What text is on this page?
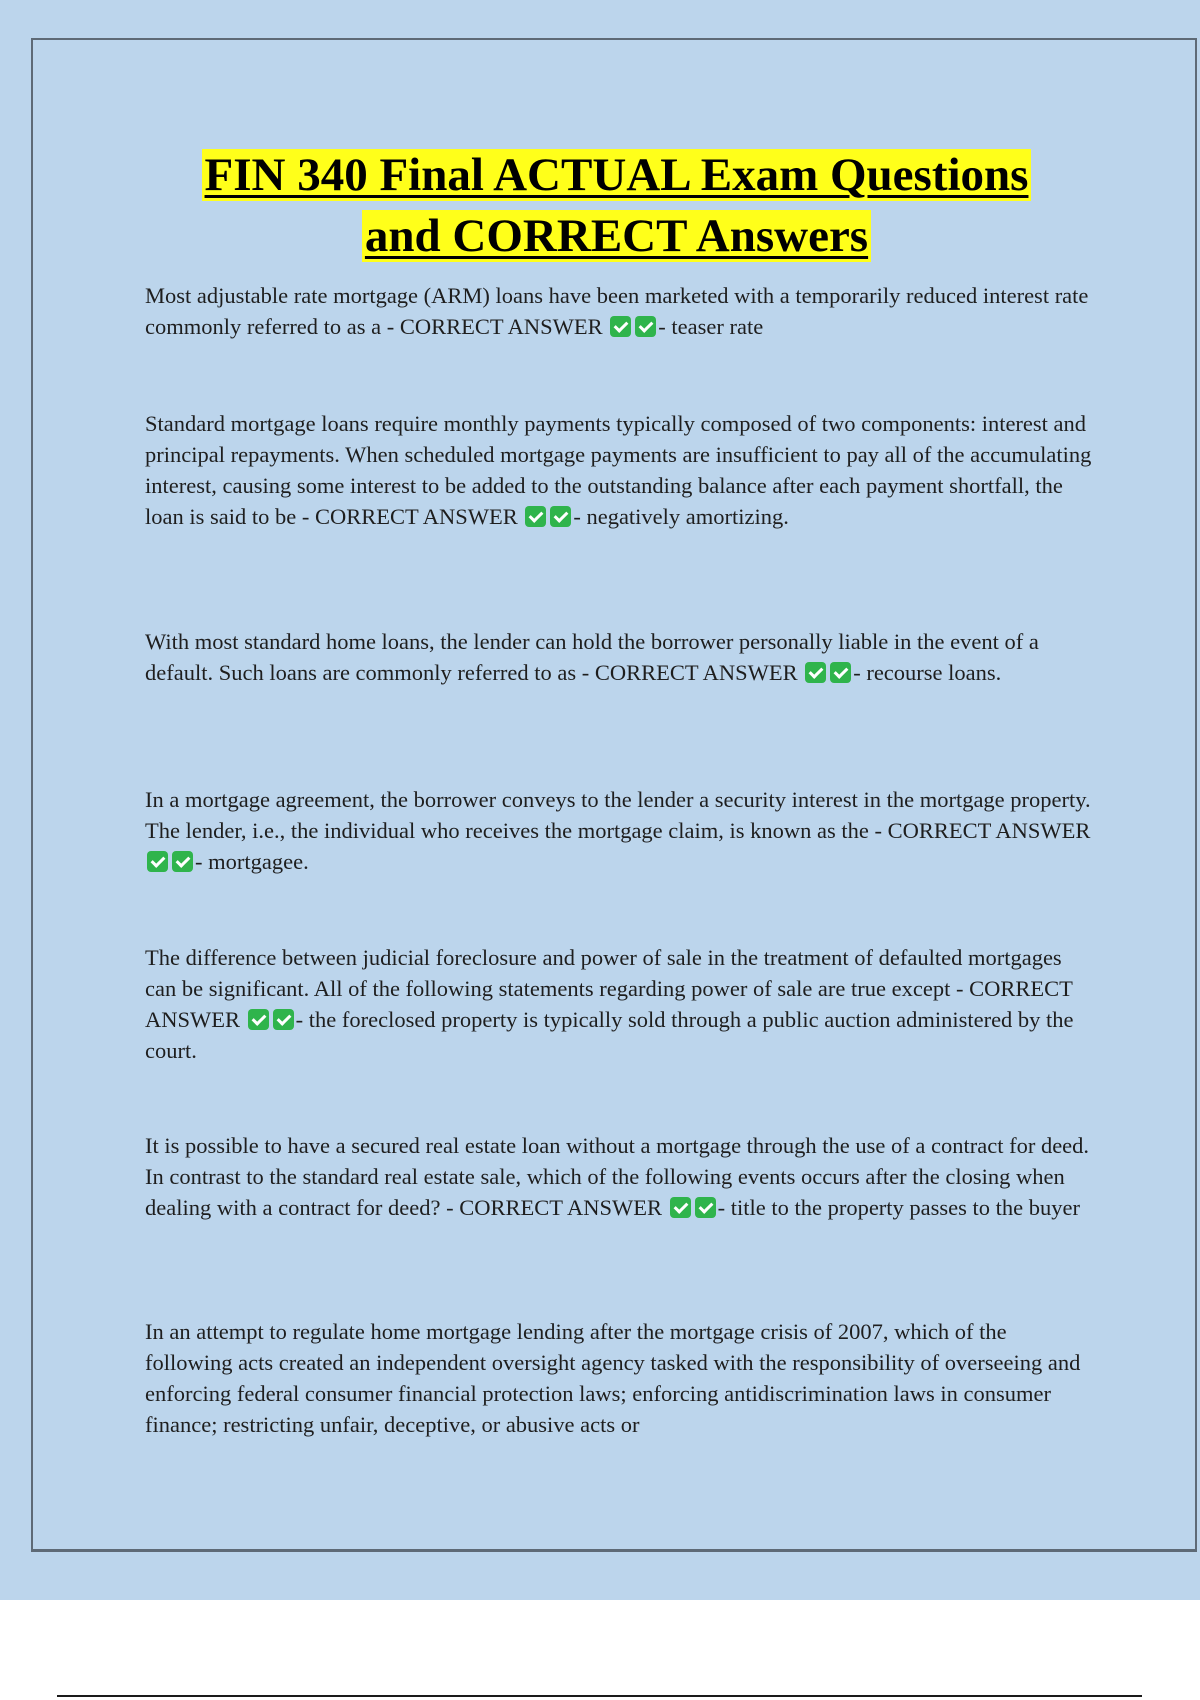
FIN 340 Final ACTUAL Exam Questions
and CORRECT Answers

Most adjustable rate mortgage (ARM) loans have been marketed with a temporarily reduced interest rate commonly referred to as a - CORRECT ANSWER - teaser rate

Standard mortgage loans require monthly payments typically composed of two components: interest and principal repayments. When scheduled mortgage payments are insufficient to pay all of the accumulating interest, causing some interest to be added to the outstanding balance after each payment shortfall, the loan is said to be - CORRECT ANSWER - negatively amortizing.

With most standard home loans, the lender can hold the borrower personally liable in the event of a default. Such loans are commonly referred to as - CORRECT ANSWER - recourse loans.

In a mortgage agreement, the borrower conveys to the lender a security interest in the mortgage property. The lender, i.e., the individual who receives the mortgage claim, is known as the - CORRECT ANSWER - mortgagee.

The difference between judicial foreclosure and power of sale in the treatment of defaulted mortgages can be significant. All of the following statements regarding power of sale are true except - CORRECT ANSWER - the foreclosed property is typically sold through a public auction administered by the court.

It is possible to have a secured real estate loan without a mortgage through the use of a contract for deed. In contrast to the standard real estate sale, which of the following events occurs after the closing when dealing with a contract for deed? - CORRECT ANSWER - title to the property passes to the buyer

In an attempt to regulate home mortgage lending after the mortgage crisis of 2007, which of the following acts created an independent oversight agency tasked with the responsibility of overseeing and enforcing federal consumer financial protection laws; enforcing antidiscrimination laws in consumer finance; restricting unfair, deceptive, or abusive acts or
